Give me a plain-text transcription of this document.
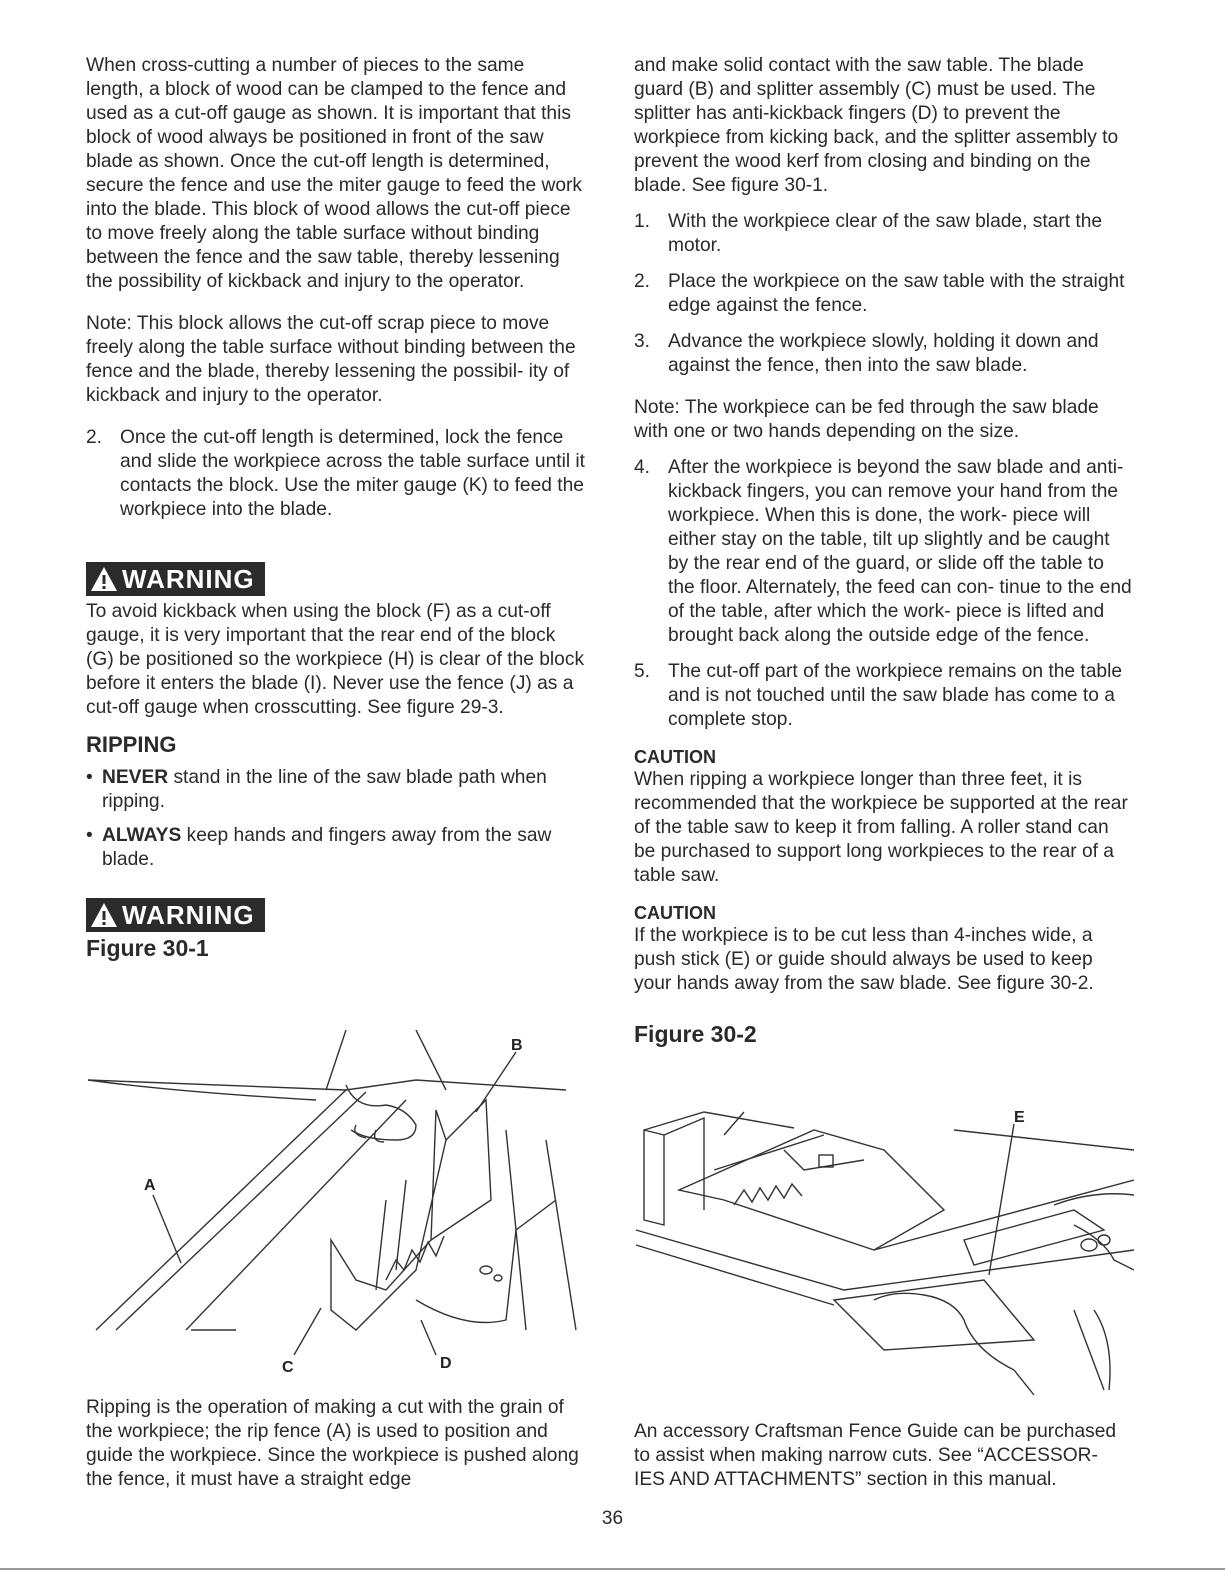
When cross-cutting a number of pieces to the same length, a block of wood can be clamped to the fence and used as a cut-off gauge as shown. It is important that this block of wood always be positioned in front of the saw blade as shown. Once the cut-off length is determined, secure the fence and use the miter gauge to feed the work into the blade. This block of wood allows the cut-off piece to move freely along the table surface without binding between the fence and the saw table, thereby lessening the possibility of kickback and injury to the operator.

Note: This block allows the cut-off scrap piece to move freely along the table surface without binding between the fence and the blade, thereby lessening the possibil- ity of kickback and injury to the operator.

2. Once the cut-off length is determined, lock the fence and slide the workpiece across the table surface until it contacts the block. Use the miter gauge (K) to feed the workpiece into the blade.
WARNING

To avoid kickback when using the block (F) as a cut-off gauge, it is very important that the rear end of the block (G) be positioned so the workpiece (H) is clear of the block before it enters the blade (I). Never use the fence (J) as a cut-off gauge when crosscutting. See figure 29-3.

RIPPING
• NEVER stand in the line of the saw blade path when ripping.
• ALWAYS keep hands and fingers away from the saw blade.
WARNING
Figure 30-1
A
B
C	D

Ripping is the operation of making a cut with the grain of the workpiece; the rip fence (A) is used to position and guide the workpiece. Since the workpiece is pushed along the fence, it must have a straight edge

and make solid contact with the saw table. The blade guard (B) and splitter assembly (C) must be used. The splitter has anti-kickback fingers (D) to prevent the workpiece from kicking back, and the splitter assembly to prevent the wood kerf from closing and binding on the blade. See figure 30-1.

1. With the workpiece clear of the saw blade, start the motor.
2. Place the workpiece on the saw table with the straight edge against the fence.
3. Advance the workpiece slowly, holding it down and against the fence, then into the saw blade.

Note: The workpiece can be fed through the saw blade with one or two hands depending on the size.

4. After the workpiece is beyond the saw blade and anti-kickback fingers, you can remove your hand from the workpiece. When this is done, the work- piece will either stay on the table, tilt up slightly and be caught by the rear end of the guard, or slide off the table to the floor. Alternately, the feed can con- tinue to the end of the table, after which the work- piece is lifted and brought back along the outside edge of the fence.
5. The cut-off part of the workpiece remains on the table and is not touched until the saw blade has come to a complete stop.
CAUTION

When ripping a workpiece longer than three feet, it is recommended that the workpiece be supported at the rear of the table saw to keep it from falling. A roller stand can be purchased to support long workpieces to the rear of a table saw.

CAUTION

If the workpiece is to be cut less than 4-inches wide, a push stick (E) or guide should always be used to keep your hands away from the saw blade. See figure 30-2.

Figure 30-2
E

An accessory Craftsman Fence Guide can be purchased to assist when making narrow cuts. See “ACCESSOR- IES AND ATTACHMENTS” section in this manual.

36
